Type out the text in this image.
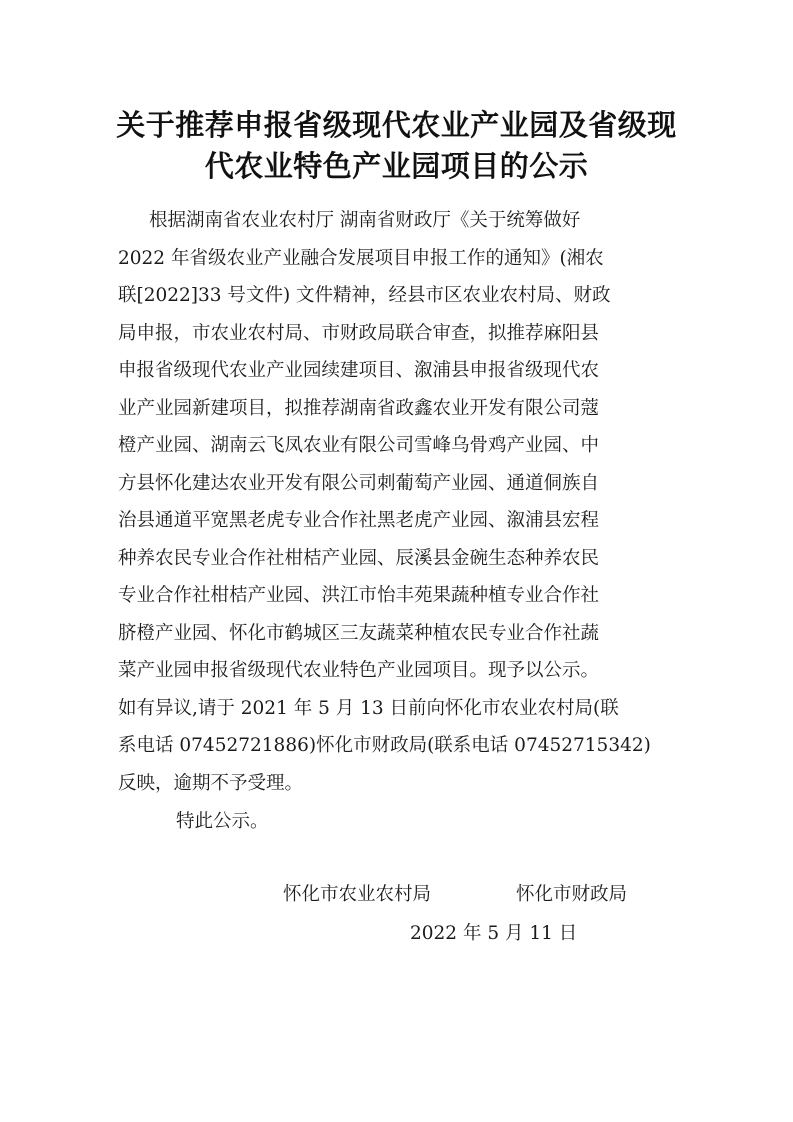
关于推荐申报省级现代农业产业园及省级现
代农业特色产业园项目的公示
根据湖南省农业农村厅 湖南省财政厅《关于统筹做好
2022 年省级农业产业融合发展项目申报工作的通知》(湘农
联[2022]33 号文件) 文件精神，经县市区农业农村局、财政
局申报，市农业农村局、市财政局联合审查，拟推荐麻阳县
申报省级现代农业产业园续建项目、溆浦县申报省级现代农
业产业园新建项目，拟推荐湖南省政鑫农业开发有限公司蔻
橙产业园、湖南云飞凤农业有限公司雪峰乌骨鸡产业园、中
方县怀化建达农业开发有限公司刺葡萄产业园、通道侗族自
治县通道平宽黑老虎专业合作社黑老虎产业园、溆浦县宏程
种养农民专业合作社柑桔产业园、辰溪县金碗生态种养农民
专业合作社柑桔产业园、洪江市怡丰苑果蔬种植专业合作社
脐橙产业园、怀化市鹤城区三友蔬菜种植农民专业合作社蔬
菜产业园申报省级现代农业特色产业园项目。现予以公示。
如有异议,请于 2021 年 5 月 13 日前向怀化市农业农村局(联
系电话 07452721886)怀化市财政局(联系电话 07452715342)
反映，逾期不予受理。
特此公示。
怀化市农业农村局	怀化市财政局
2022 年 5 月 11 日
